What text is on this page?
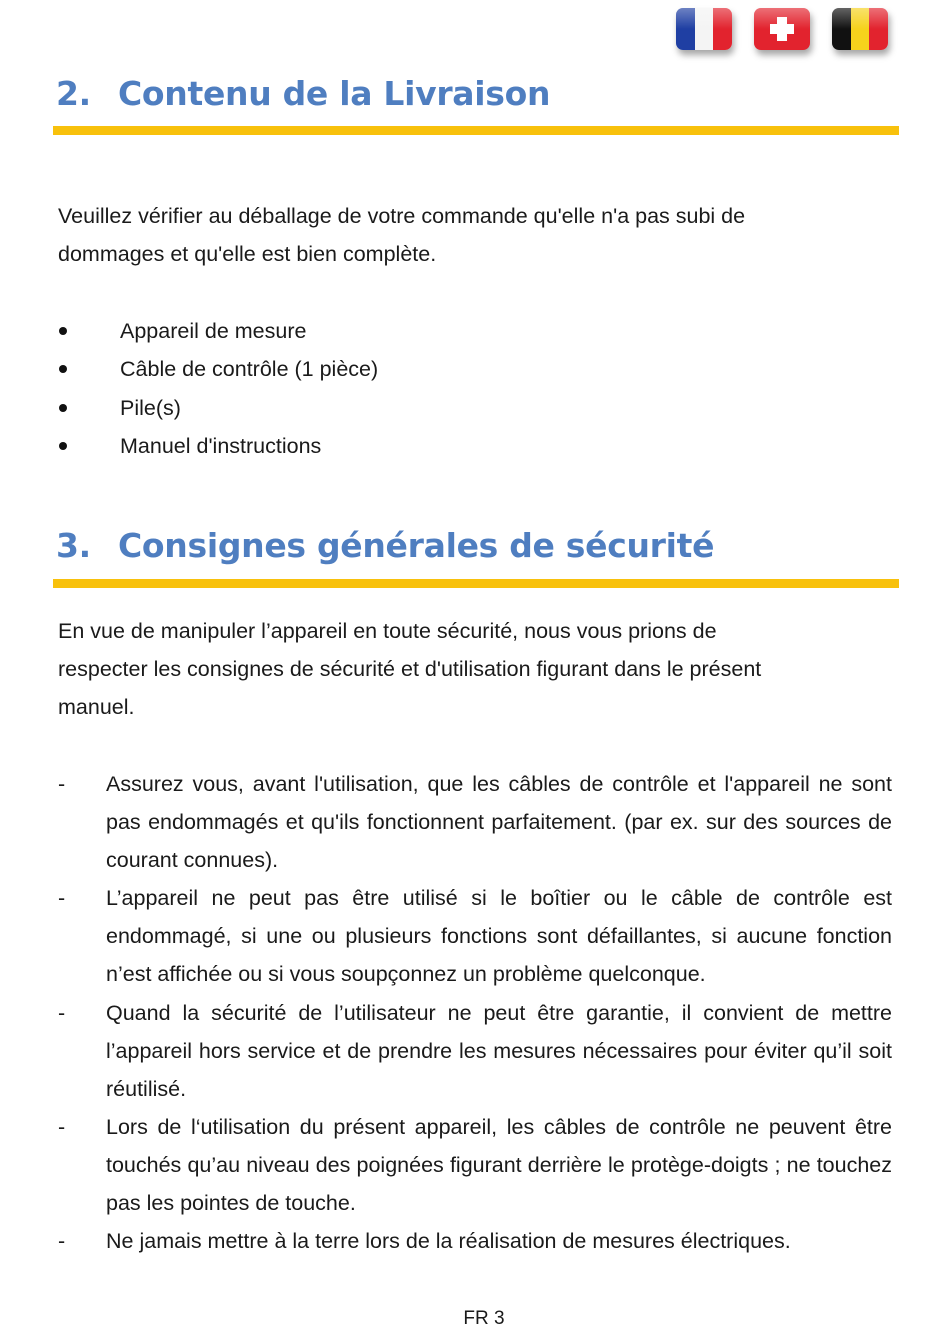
2. Contenu de la Livraison

Veuillez vérifier au déballage de votre commande qu'elle n'a pas subi de
dommages et qu'elle est bien complète.

Appareil de mesure
Câble de contrôle (1 pièce)
Pile(s)
Manuel d'instructions
3. Consignes générales de sécurité

En vue de manipuler l’appareil en toute sécurité, nous vous prions de
respecter les consignes de sécurité et d'utilisation figurant dans le présent
manuel.

-	Assurez vous, avant l'utilisation, que les câbles de contrôle et l'appareil ne sont pas endommagés et qu'ils fonctionnent parfaitement. (par ex. sur des sources de courant connues).
-	L’appareil ne peut pas être utilisé si le boîtier ou le câble de contrôle est endommagé, si une ou plusieurs fonctions sont défaillantes, si aucune fonction n’est affichée ou si vous soupçonnez un problème quelconque.
-	Quand la sécurité de l’utilisateur ne peut être garantie, il convient de mettre l’appareil hors service et de prendre les mesures nécessaires pour éviter qu’il soit réutilisé.
-	Lors de l‘utilisation du présent appareil, les câbles de contrôle ne peuvent être touchés qu’au niveau des poignées figurant derrière le protège-doigts ; ne touchez pas les pointes de touche.
-	Ne jamais mettre à la terre lors de la réalisation de mesures électriques.
FR 3
